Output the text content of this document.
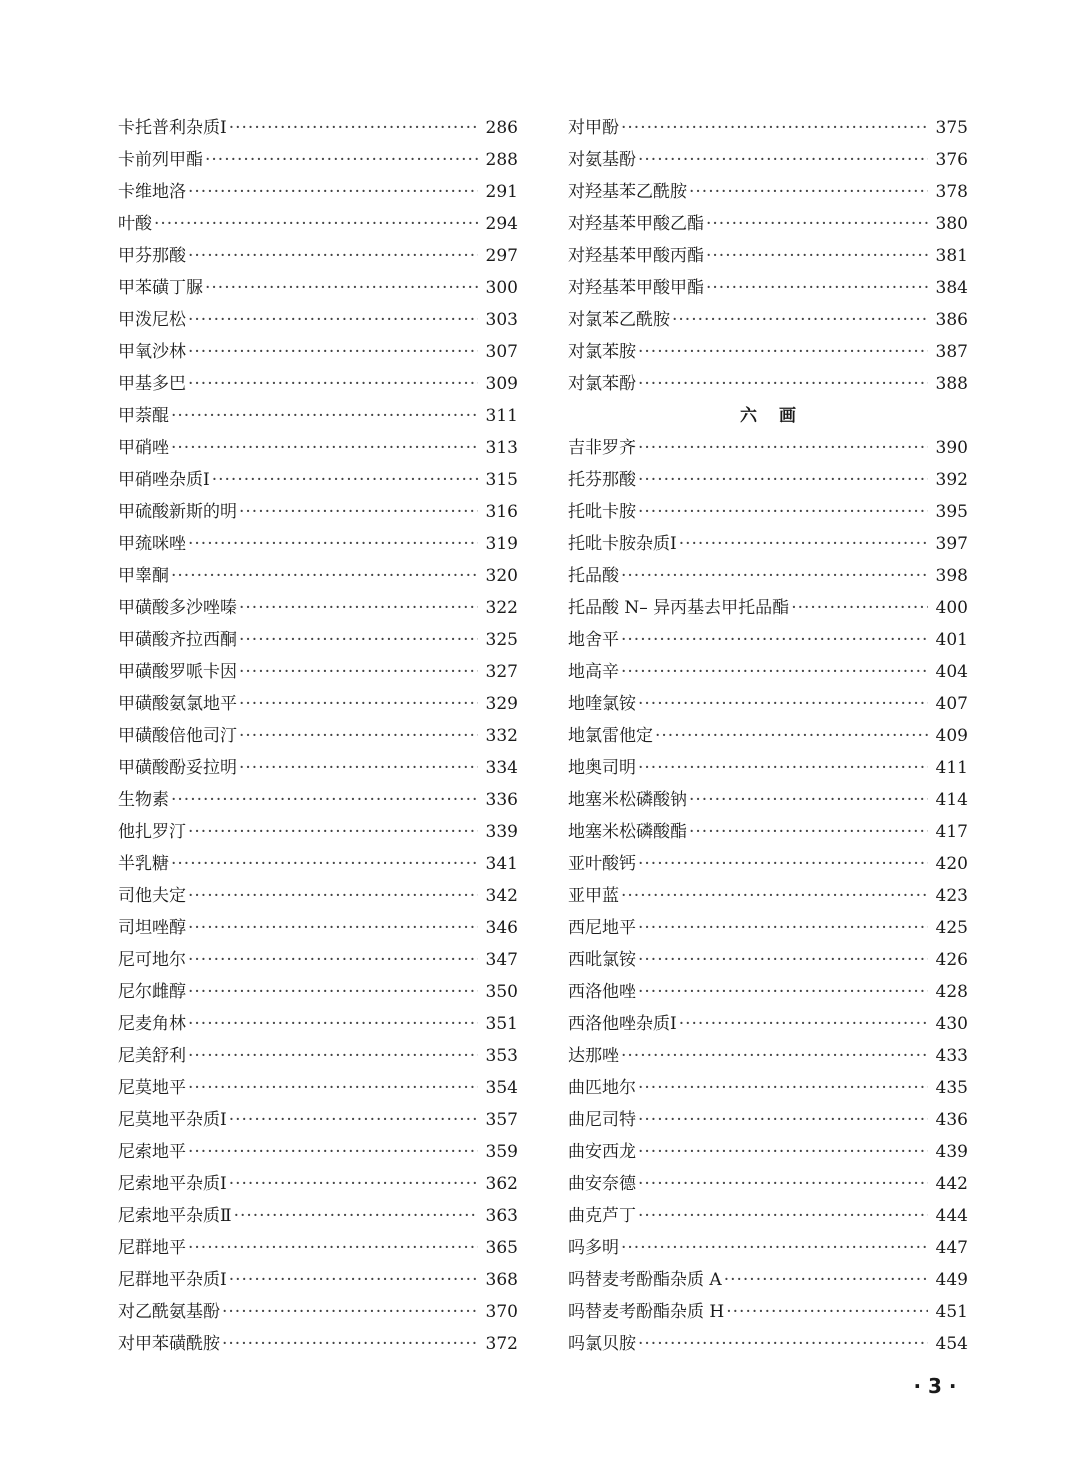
卡托普利杂质Ⅰ ·····	286
卡前列甲酯 ·····	288
卡维地洛 ·····	291
叶酸 ·····	294
甲芬那酸 ·····	297
甲苯磺丁脲 ·····	300
甲泼尼松 ·····	303
甲氧沙林 ·····	307
甲基多巴 ·····	309
甲萘醌 ·····	311
甲硝唑 ·····	313
甲硝唑杂质Ⅰ ·····	315
甲硫酸新斯的明 ·····	316
甲巯咪唑 ·····	319
甲睾酮 ·····	320
甲磺酸多沙唑嗪 ·····	322
甲磺酸齐拉西酮 ·····	325
甲磺酸罗哌卡因 ·····	327
甲磺酸氨氯地平 ·····	329
甲磺酸倍他司汀 ·····	332
甲磺酸酚妥拉明 ·····	334
生物素 ·····	336
他扎罗汀 ·····	339
半乳糖 ·····	341
司他夫定 ·····	342
司坦唑醇 ·····	346
尼可地尔 ·····	347
尼尔雌醇 ·····	350
尼麦角林 ·····	351
尼美舒利 ·····	353
尼莫地平 ·····	354
尼莫地平杂质Ⅰ ·····	357
尼索地平 ·····	359
尼索地平杂质Ⅰ ·····	362
尼索地平杂质Ⅱ ·····	363
尼群地平 ·····	365
尼群地平杂质Ⅰ ·····	368
对乙酰氨基酚 ·····	370
对甲苯磺酰胺 ·····	372
对甲酚 ·····	375
对氨基酚 ·····	376
对羟基苯乙酰胺 ·····	378
对羟基苯甲酸乙酯 ·····	380
对羟基苯甲酸丙酯 ·····	381
对羟基苯甲酸甲酯 ·····	384
对氯苯乙酰胺 ·····	386
对氯苯胺 ·····	387
对氯苯酚 ·····	388
六画
吉非罗齐 ·····	390
托芬那酸 ·····	392
托吡卡胺 ·····	395
托吡卡胺杂质Ⅰ ·····	397
托品酸 ·····	398
托品酸 N– 异丙基去甲托品酯 ·····	400
地舍平 ·····	401
地高辛 ·····	404
地喹氯铵 ·····	407
地氯雷他定 ·····	409
地奥司明 ·····	411
地塞米松磷酸钠 ·····	414
地塞米松磷酸酯 ·····	417
亚叶酸钙 ·····	420
亚甲蓝 ·····	423
西尼地平 ·····	425
西吡氯铵 ·····	426
西洛他唑 ·····	428
西洛他唑杂质Ⅰ ·····	430
达那唑 ·····	433
曲匹地尔 ·····	435
曲尼司特 ·····	436
曲安西龙 ·····	439
曲安奈德 ·····	442
曲克芦丁 ·····	444
吗多明 ·····	447
吗替麦考酚酯杂质 A ·····	449
吗替麦考酚酯杂质 H ·····	451
吗氯贝胺 ·····	454
· 3 ·
